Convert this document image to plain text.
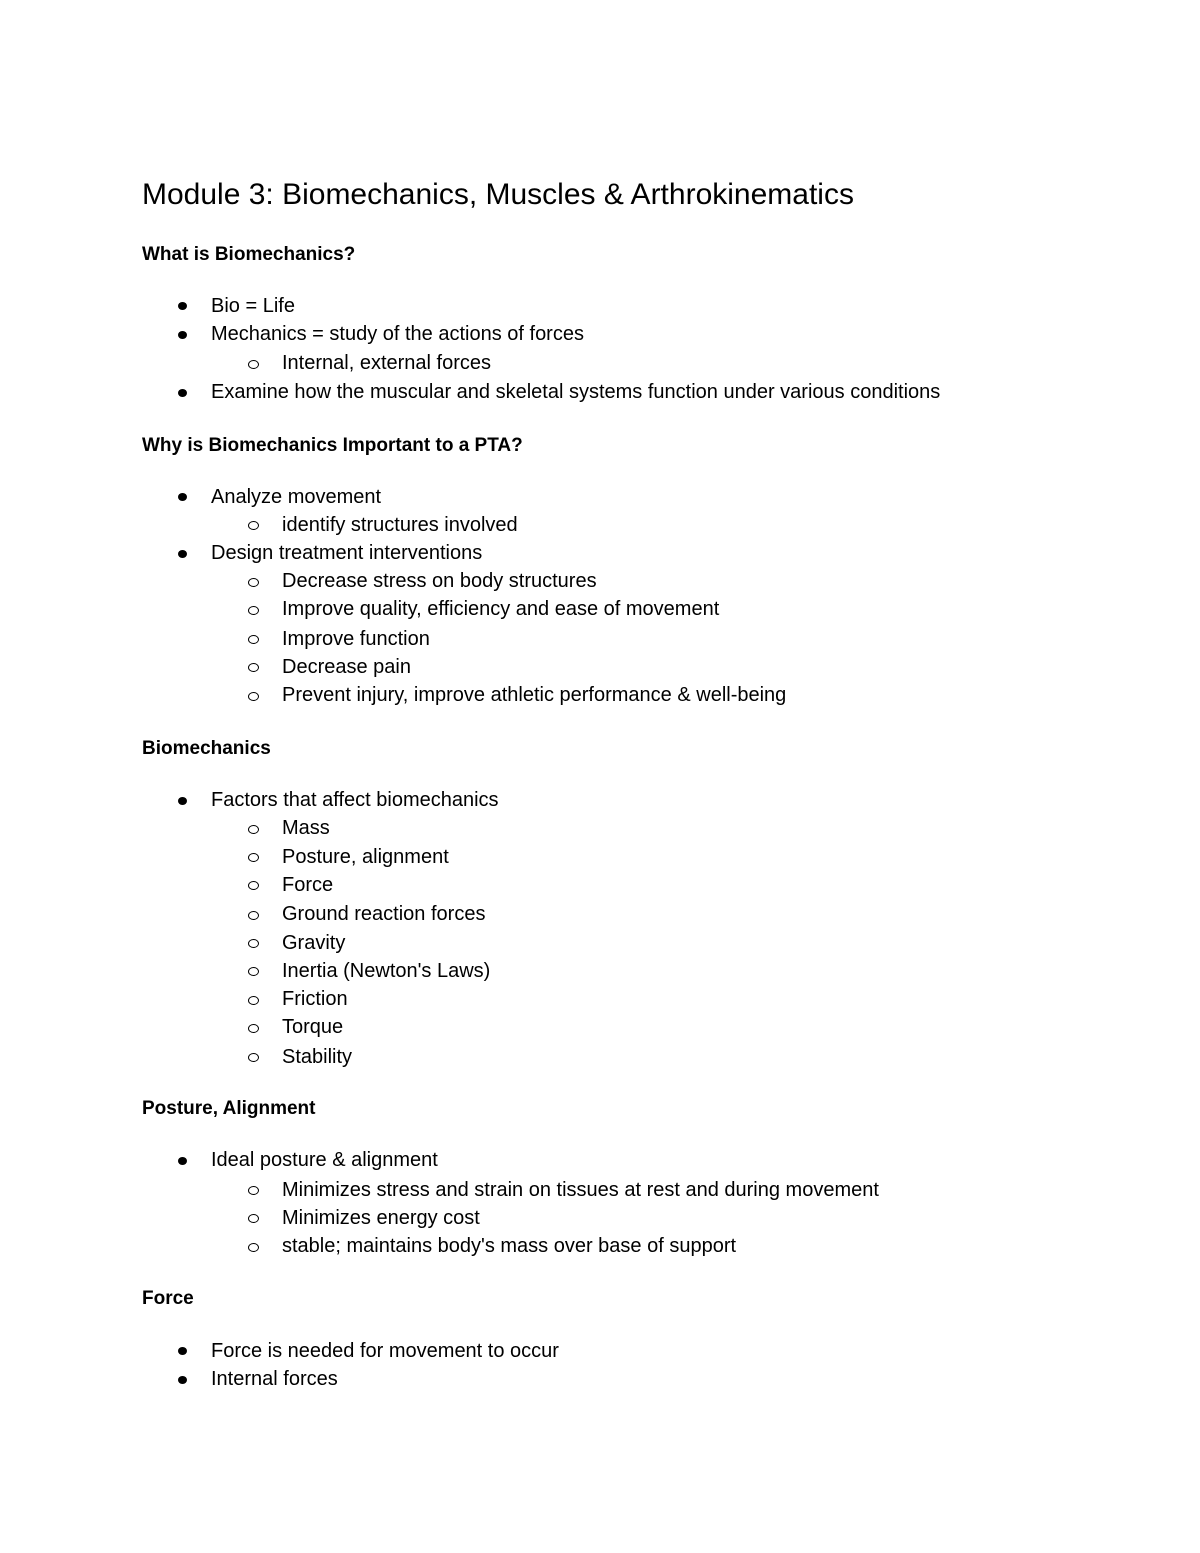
Module 3: Biomechanics, Muscles & Arthrokinematics
What is Biomechanics?
Bio = Life
Mechanics = study of the actions of forces
Internal, external forces
Examine how the muscular and skeletal systems function under various conditions
Why is Biomechanics Important to a PTA?
Analyze movement
identify structures involved
Design treatment interventions
Decrease stress on body structures
Improve quality, efficiency and ease of movement
Improve function
Decrease pain
Prevent injury, improve athletic performance & well-being
Biomechanics
Factors that affect biomechanics
Mass
Posture, alignment
Force
Ground reaction forces
Gravity
Inertia (Newton's Laws)
Friction
Torque
Stability
Posture, Alignment
Ideal posture & alignment
Minimizes stress and strain on tissues at rest and during movement
Minimizes energy cost
stable; maintains body's mass over base of support
Force
Force is needed for movement to occur
Internal forces
